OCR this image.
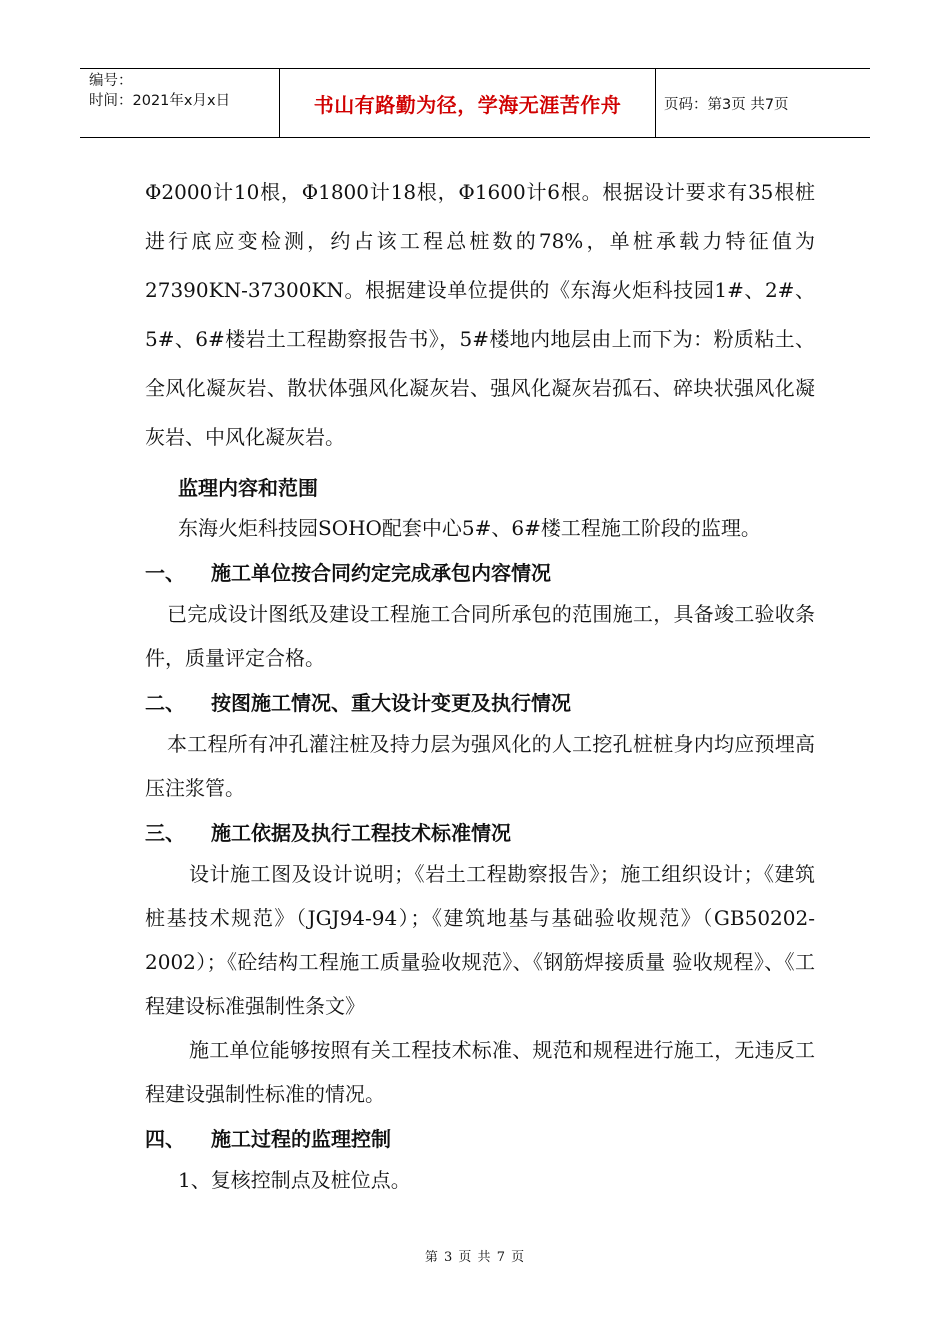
编号：
时间：2021年x月x日	书山有路勤为径，学海无涯苦作舟	页码：第3页 共7页

Φ2000计10根，Φ1800计18根，Φ1600计6根。根据设计要求有35根桩进行底应变检测，约占该工程总桩数的78%，单桩承载力特征值为27390KN-37300KN。根据建设单位提供的《东海火炬科技园1#、2#、5#、6#楼岩土工程勘察报告书》，5#楼地内地层由上而下为：粉质粘土、全风化凝灰岩、散状体强风化凝灰岩、强风化凝灰岩孤石、碎块状强风化凝灰岩、中风化凝灰岩。

监理内容和范围

东海火炬科技园SOHO配套中心5#、6#楼工程施工阶段的监理。

一、	施工单位按合同约定完成承包内容情况

已完成设计图纸及建设工程施工合同所承包的范围施工，具备竣工验收条件，质量评定合格。

二、	按图施工情况、重大设计变更及执行情况

本工程所有冲孔灌注桩及持力层为强风化的人工挖孔桩桩身内均应预埋高压注浆管。

三、	施工依据及执行工程技术标准情况

设计施工图及设计说明；《岩土工程勘察报告》；施工组织设计；《建筑桩基技术规范》（JGJ94-94）；《建筑地基与基础验收规范》（GB50202-2002）；《砼结构工程施工质量验收规范》、《钢筋焊接质量 验收规程》、《工程建设标准强制性条文》

施工单位能够按照有关工程技术标准、规范和规程进行施工，无违反工程建设强制性标准的情况。

四、	施工过程的监理控制

1、复核控制点及桩位点。

第 3 页 共 7 页
